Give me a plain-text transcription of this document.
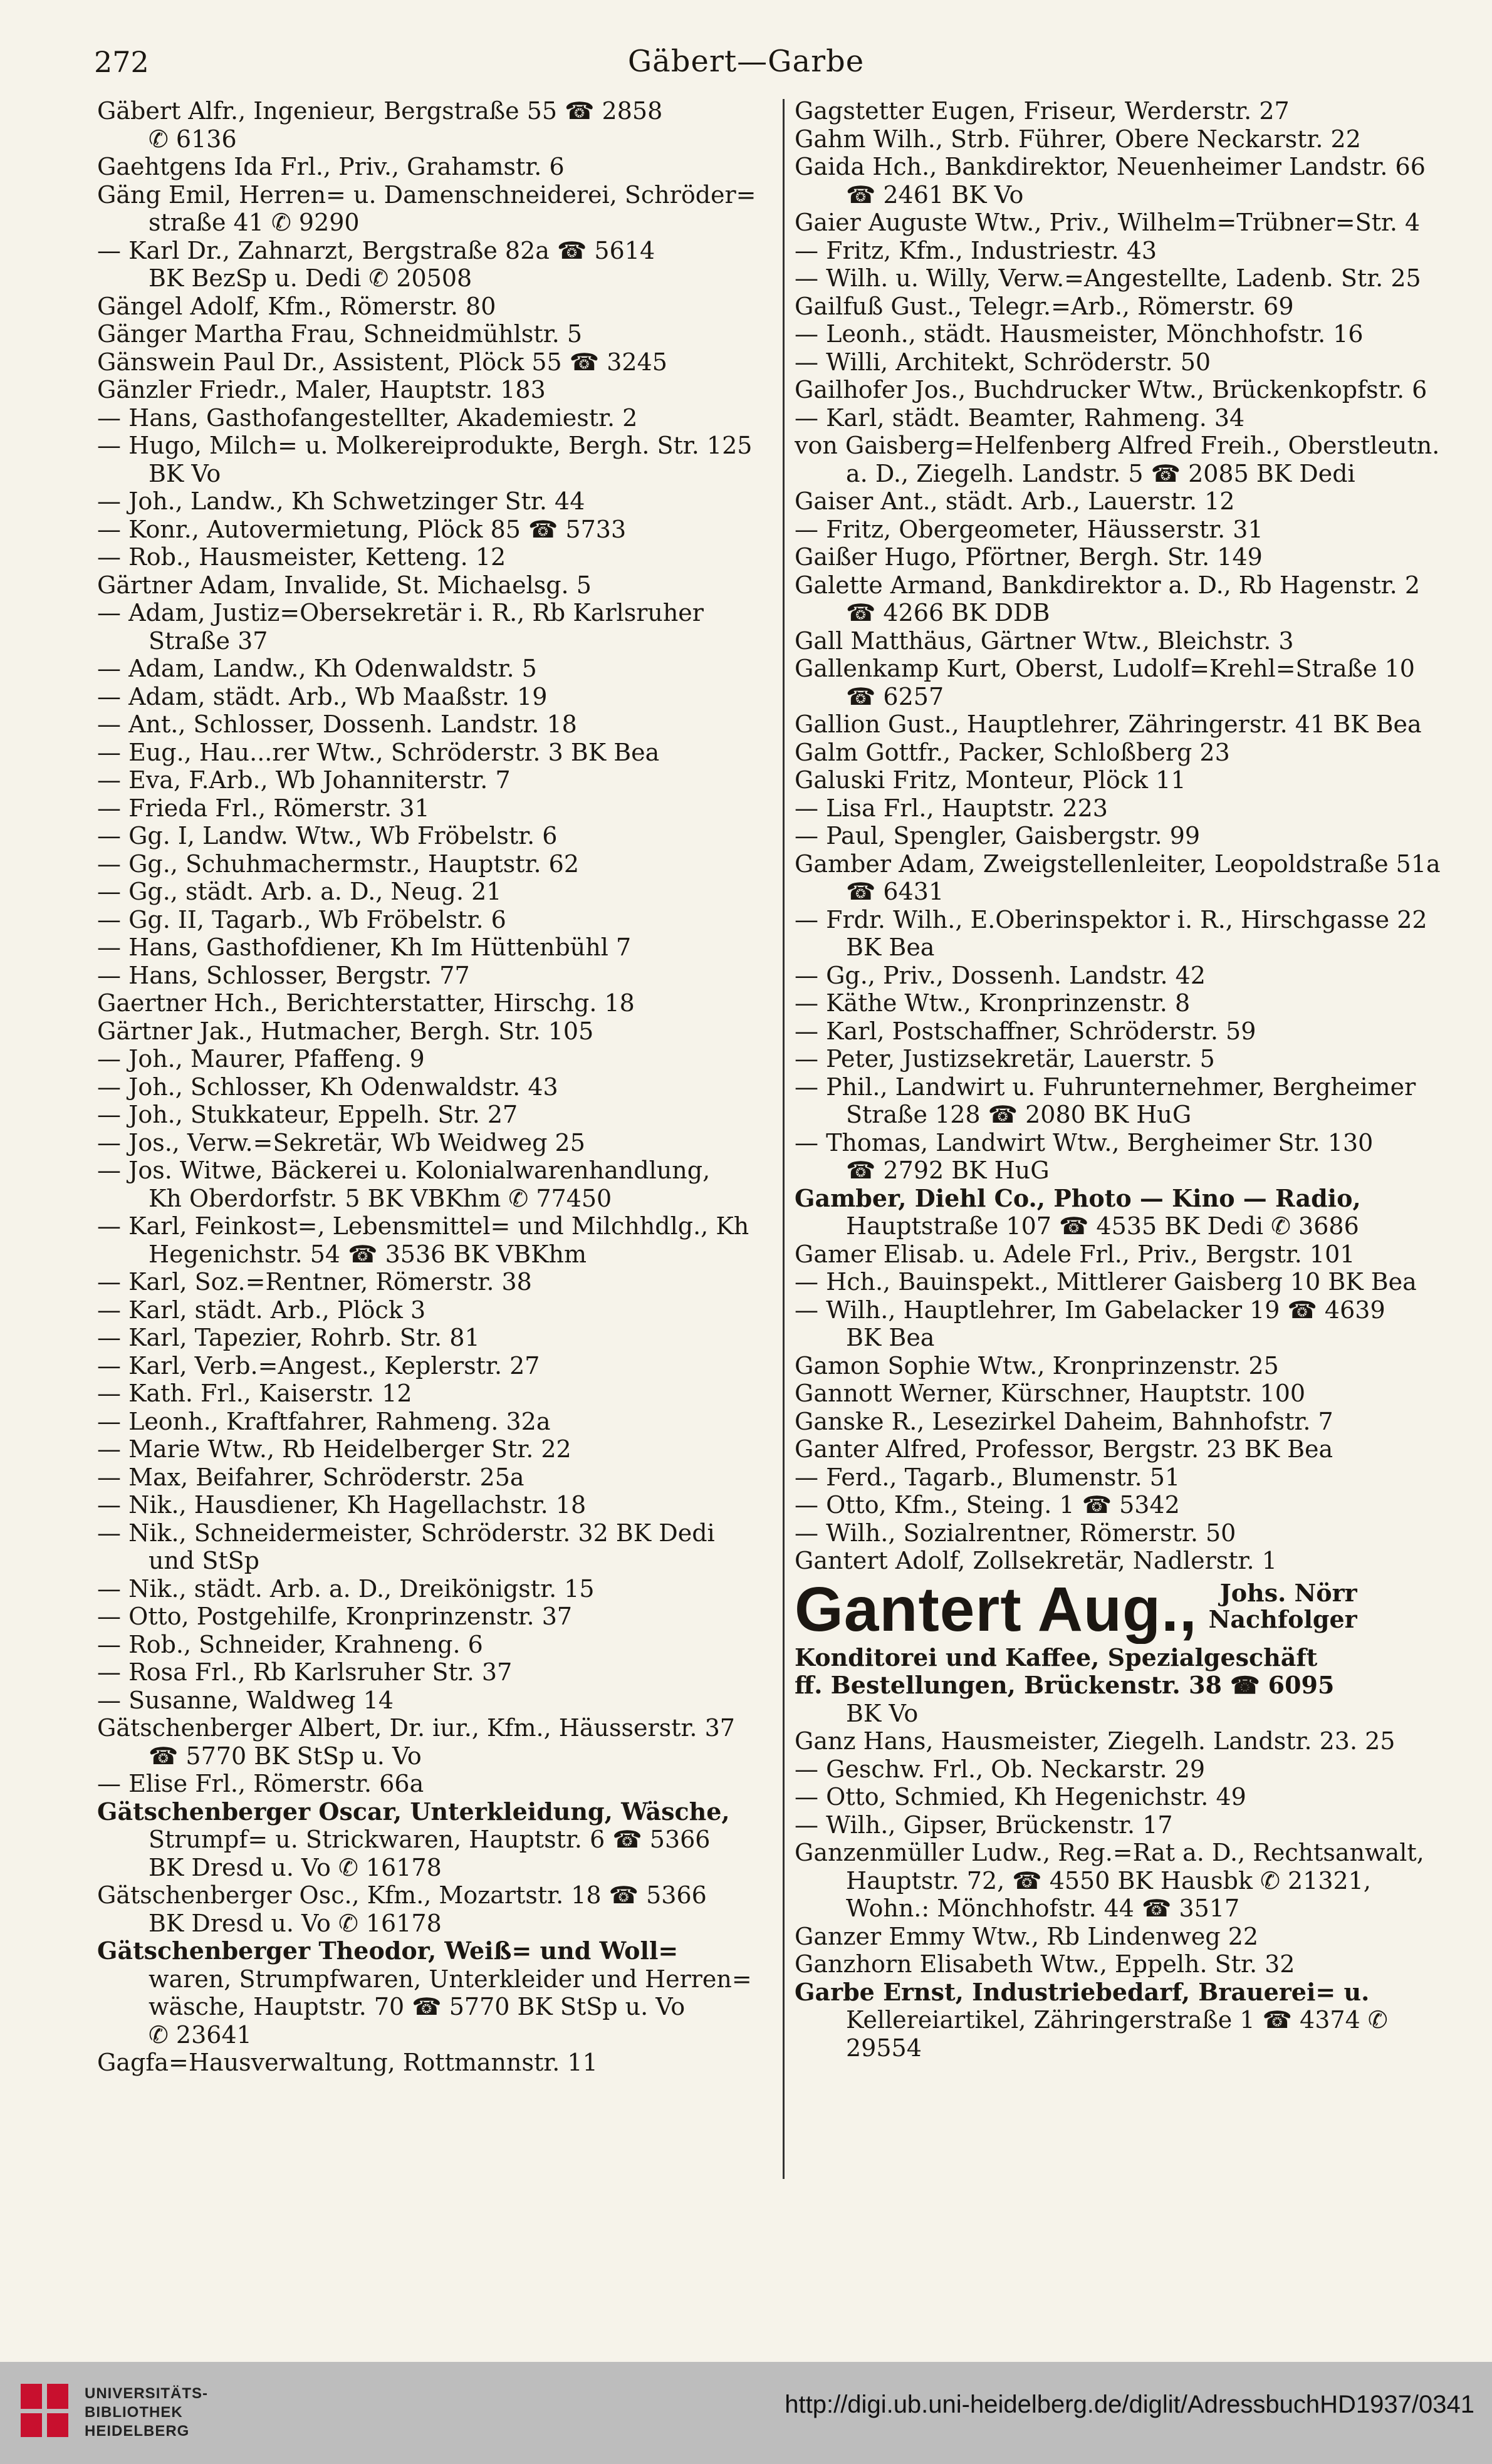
272	Gäbert—Garbe
Gäbert Alfr., Ingenieur, Bergstraße 55 ☎ 2858
✆ 6136
Gaehtgens Ida Frl., Priv., Grahamstr. 6
Gäng Emil, Herren= u. Damenschneiderei, Schröder=
straße 41 ✆ 9290
— Karl Dr., Zahnarzt, Bergstraße 82a ☎ 5614
BK BezSp u. Dedi ✆ 20508
Gängel Adolf, Kfm., Römerstr. 80
Gänger Martha Frau, Schneidmühlstr. 5
Gänswein Paul Dr., Assistent, Plöck 55 ☎ 3245
Gänzler Friedr., Maler, Hauptstr. 183
— Hans, Gasthofangestellter, Akademiestr. 2
— Hugo, Milch= u. Molkereiprodukte, Bergh. Str. 125
BK Vo
— Joh., Landw., Kh Schwetzinger Str. 44
— Konr., Autovermietung, Plöck 85 ☎ 5733
— Rob., Hausmeister, Ketteng. 12
Gärtner Adam, Invalide, St. Michaelsg. 5
— Adam, Justiz=Obersekretär i. R., Rb Karlsruher
Straße 37
— Adam, Landw., Kh Odenwaldstr. 5
— Adam, städt. Arb., Wb Maaßstr. 19
— Ant., Schlosser, Dossenh. Landstr. 18
— Eug., Hau...rer Wtw., Schröderstr. 3 BK Bea
— Eva, F.Arb., Wb Johanniterstr. 7
— Frieda Frl., Römerstr. 31
— Gg. I, Landw. Wtw., Wb Fröbelstr. 6
— Gg., Schuhmachermstr., Hauptstr. 62
— Gg., städt. Arb. a. D., Neug. 21
— Gg. II, Tagarb., Wb Fröbelstr. 6
— Hans, Gasthofdiener, Kh Im Hüttenbühl 7
— Hans, Schlosser, Bergstr. 77
Gaertner Hch., Berichterstatter, Hirschg. 18
Gärtner Jak., Hutmacher, Bergh. Str. 105
— Joh., Maurer, Pfaffeng. 9
— Joh., Schlosser, Kh Odenwaldstr. 43
— Joh., Stukkateur, Eppelh. Str. 27
— Jos., Verw.=Sekretär, Wb Weidweg 25
— Jos. Witwe, Bäckerei u. Kolonialwarenhandlung,
Kh Oberdorfstr. 5 BK VBKhm ✆ 77450
— Karl, Feinkost=, Lebensmittel= und Milchhdlg., Kh
Hegenichstr. 54 ☎ 3536 BK VBKhm
— Karl, Soz.=Rentner, Römerstr. 38
— Karl, städt. Arb., Plöck 3
— Karl, Tapezier, Rohrb. Str. 81
— Karl, Verb.=Angest., Keplerstr. 27
— Kath. Frl., Kaiserstr. 12
— Leonh., Kraftfahrer, Rahmeng. 32a
— Marie Wtw., Rb Heidelberger Str. 22
— Max, Beifahrer, Schröderstr. 25a
— Nik., Hausdiener, Kh Hagellachstr. 18
— Nik., Schneidermeister, Schröderstr. 32 BK Dedi
und StSp
— Nik., städt. Arb. a. D., Dreikönigstr. 15
— Otto, Postgehilfe, Kronprinzenstr. 37
— Rob., Schneider, Krahneng. 6
— Rosa Frl., Rb Karlsruher Str. 37
— Susanne, Waldweg 14
Gätschenberger Albert, Dr. iur., Kfm., Häusserstr. 37
☎ 5770 BK StSp u. Vo
— Elise Frl., Römerstr. 66a
Gätschenberger Oscar, Unterkleidung, Wäsche,
Strumpf= u. Strickwaren, Hauptstr. 6 ☎ 5366
BK Dresd u. Vo ✆ 16178
Gätschenberger Osc., Kfm., Mozartstr. 18 ☎ 5366
BK Dresd u. Vo ✆ 16178
Gätschenberger Theodor, Weiß= und Woll=
waren, Strumpfwaren, Unterkleider und Herren=
wäsche, Hauptstr. 70 ☎ 5770 BK StSp u. Vo
✆ 23641
Gagfa=Hausverwaltung, Rottmannstr. 11
Gagstetter Eugen, Friseur, Werderstr. 27
Gahm Wilh., Strb. Führer, Obere Neckarstr. 22
Gaida Hch., Bankdirektor, Neuenheimer Landstr. 66
☎ 2461 BK Vo
Gaier Auguste Wtw., Priv., Wilhelm=Trübner=Str. 4
— Fritz, Kfm., Industriestr. 43
— Wilh. u. Willy, Verw.=Angestellte, Ladenb. Str. 25
Gailfuß Gust., Telegr.=Arb., Römerstr. 69
— Leonh., städt. Hausmeister, Mönchhofstr. 16
— Willi, Architekt, Schröderstr. 50
Gailhofer Jos., Buchdrucker Wtw., Brückenkopfstr. 6
— Karl, städt. Beamter, Rahmeng. 34
von Gaisberg=Helfenberg Alfred Freih., Oberstleutn.
a. D., Ziegelh. Landstr. 5 ☎ 2085 BK Dedi
Gaiser Ant., städt. Arb., Lauerstr. 12
— Fritz, Obergeometer, Häusserstr. 31
Gaißer Hugo, Pförtner, Bergh. Str. 149
Galette Armand, Bankdirektor a. D., Rb Hagenstr. 2
☎ 4266 BK DDB
Gall Matthäus, Gärtner Wtw., Bleichstr. 3
Gallenkamp Kurt, Oberst, Ludolf=Krehl=Straße 10
☎ 6257
Gallion Gust., Hauptlehrer, Zähringerstr. 41 BK Bea
Galm Gottfr., Packer, Schloßberg 23
Galuski Fritz, Monteur, Plöck 11
— Lisa Frl., Hauptstr. 223
— Paul, Spengler, Gaisbergstr. 99
Gamber Adam, Zweigstellenleiter, Leopoldstraße 51a
☎ 6431
— Frdr. Wilh., E.Oberinspektor i. R., Hirschgasse 22
BK Bea
— Gg., Priv., Dossenh. Landstr. 42
— Käthe Wtw., Kronprinzenstr. 8
— Karl, Postschaffner, Schröderstr. 59
— Peter, Justizsekretär, Lauerstr. 5
— Phil., Landwirt u. Fuhrunternehmer, Bergheimer
Straße 128 ☎ 2080 BK HuG
— Thomas, Landwirt Wtw., Bergheimer Str. 130
☎ 2792 BK HuG
Gamber, Diehl Co., Photo — Kino — Radio,
Hauptstraße 107 ☎ 4535 BK Dedi ✆ 3686
Gamer Elisab. u. Adele Frl., Priv., Bergstr. 101
— Hch., Bauinspekt., Mittlerer Gaisberg 10 BK Bea
— Wilh., Hauptlehrer, Im Gabelacker 19 ☎ 4639
BK Bea
Gamon Sophie Wtw., Kronprinzenstr. 25
Gannott Werner, Kürschner, Hauptstr. 100
Ganske R., Lesezirkel Daheim, Bahnhofstr. 7
Ganter Alfred, Professor, Bergstr. 23 BK Bea
— Ferd., Tagarb., Blumenstr. 51
— Otto, Kfm., Steing. 1 ☎ 5342
— Wilh., Sozialrentner, Römerstr. 50
Gantert Adolf, Zollsekretär, Nadlerstr. 1
Gantert Aug., Johs. Nörr
Nachfolger
Konditorei und Kaffee, Spezialgeschäft
ff. Bestellungen, Brückenstr. 38 ☎ 6095
BK Vo
Ganz Hans, Hausmeister, Ziegelh. Landstr. 23. 25
— Geschw. Frl., Ob. Neckarstr. 29
— Otto, Schmied, Kh Hegenichstr. 49
— Wilh., Gipser, Brückenstr. 17
Ganzenmüller Ludw., Reg.=Rat a. D., Rechtsanwalt,
Hauptstr. 72, ☎ 4550 BK Hausbk ✆ 21321,
Wohn.: Mönchhofstr. 44 ☎ 3517
Ganzer Emmy Wtw., Rb Lindenweg 22
Ganzhorn Elisabeth Wtw., Eppelh. Str. 32
Garbe Ernst, Industriebedarf, Brauerei= u.
Kellereiartikel, Zähringerstraße 1 ☎ 4374 ✆
29554
UNIVERSITÄTS-
BIBLIOTHEK
HEIDELBERG
http://digi.ub.uni-heidelberg.de/diglit/AdressbuchHD1937/0341
